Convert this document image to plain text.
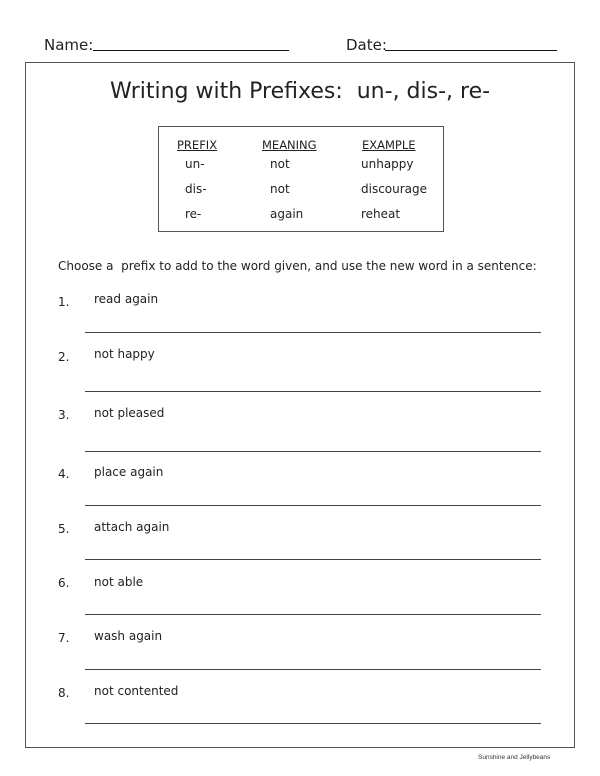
Name:	Date:
Writing with Prefixes:  un-, dis-, re-
PREFIX	MEANING	EXAMPLE
un-	not	unhappy
dis-	not	discourage
re-	again	reheat
Choose a  prefix to add to the word given, and use the new word in a sentence:
1. read again
2. not happy
3. not pleased
4. place again
5. attach again
6. not able
7. wash again
8. not contented
Sunshine and Jellybeans
